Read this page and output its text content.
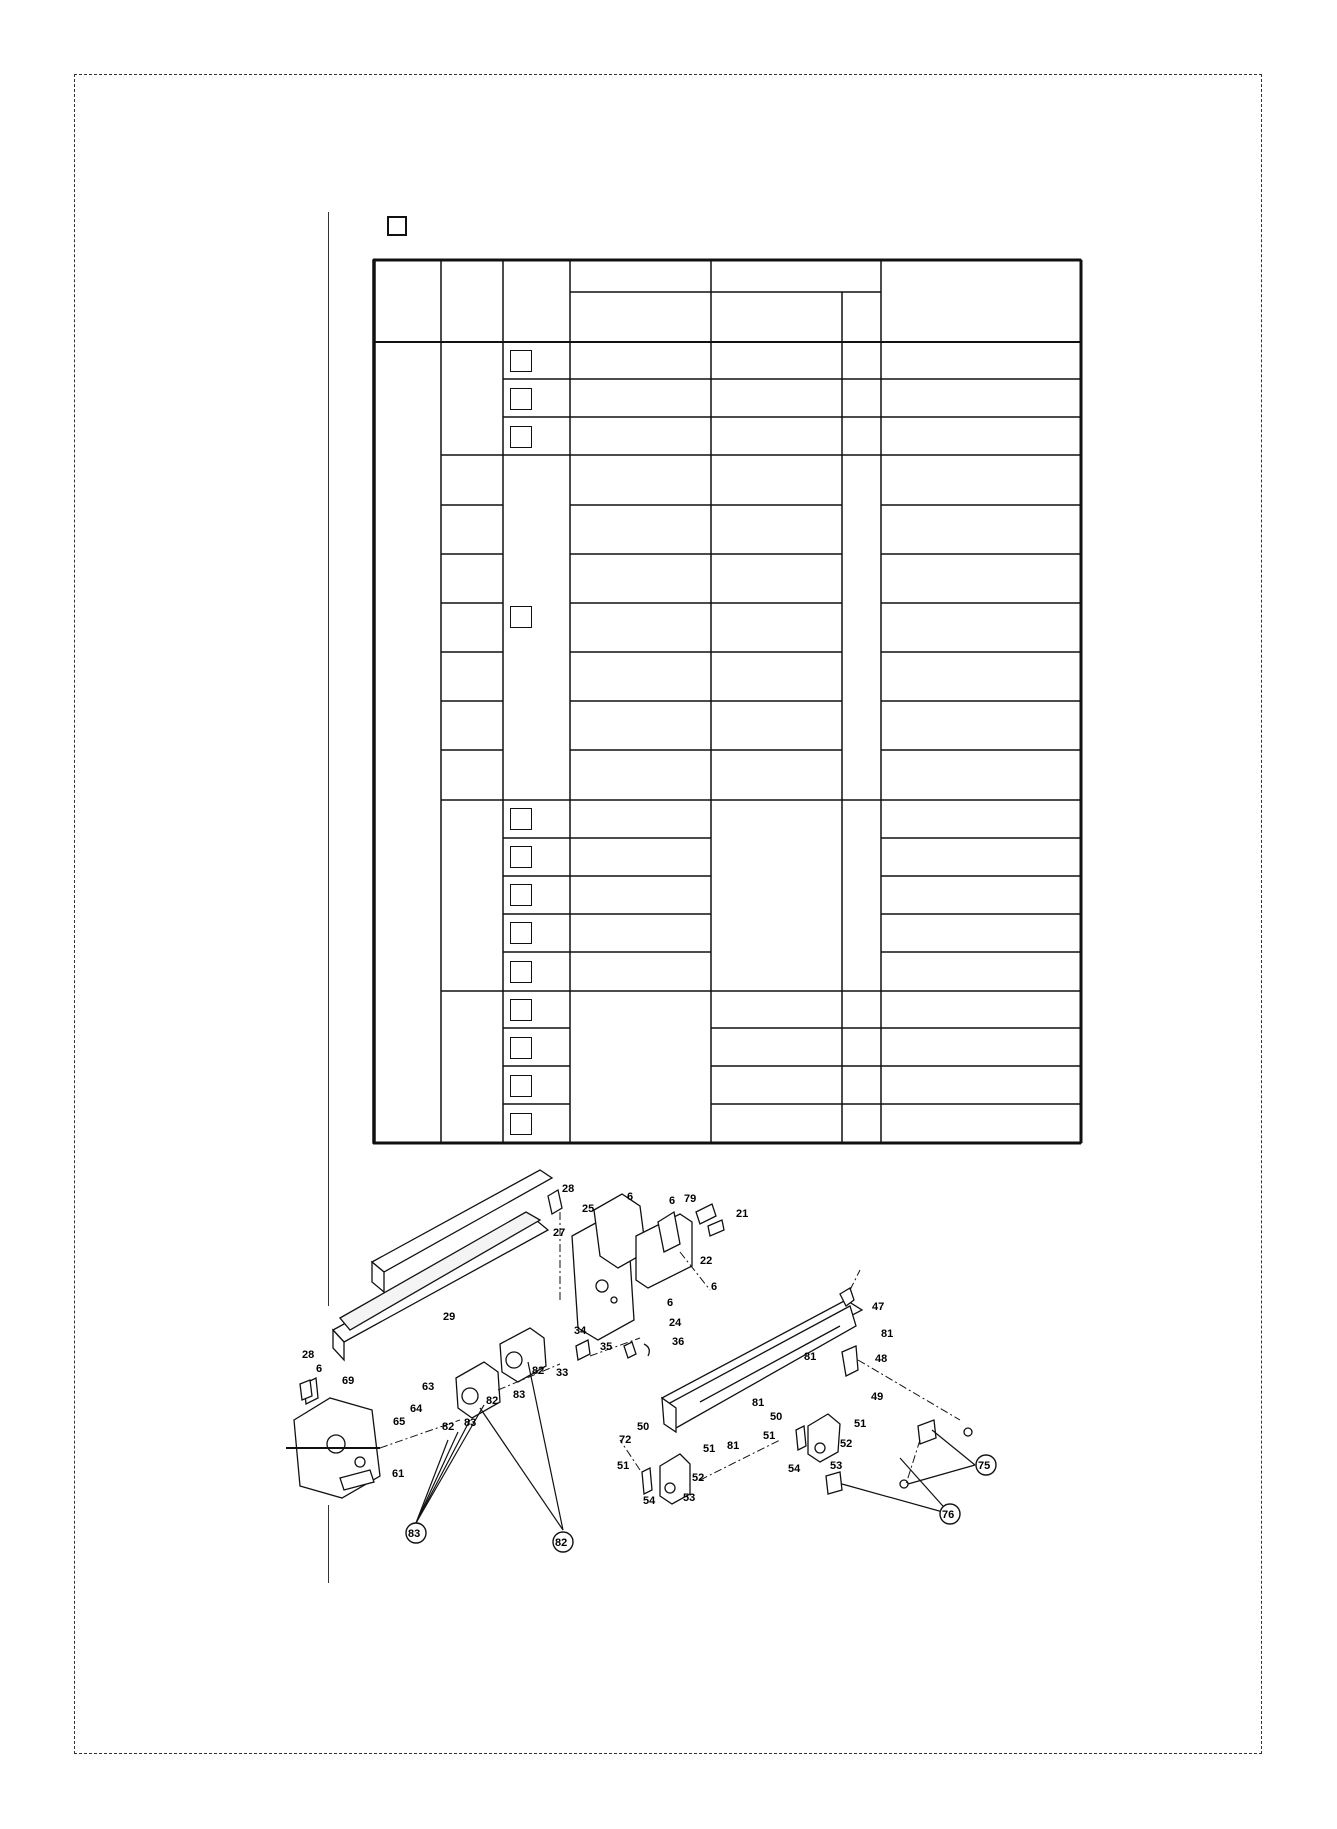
28
27
25
6	6 79
21
22
6
6
24
36
35
34
33
29
82
83
82
28
6
69	63
64
65	82 83
61
47
81
48
81
49
81
50
51
52
53
54
81
51
72
50
51
52
51
54	53
83
82
75
76
